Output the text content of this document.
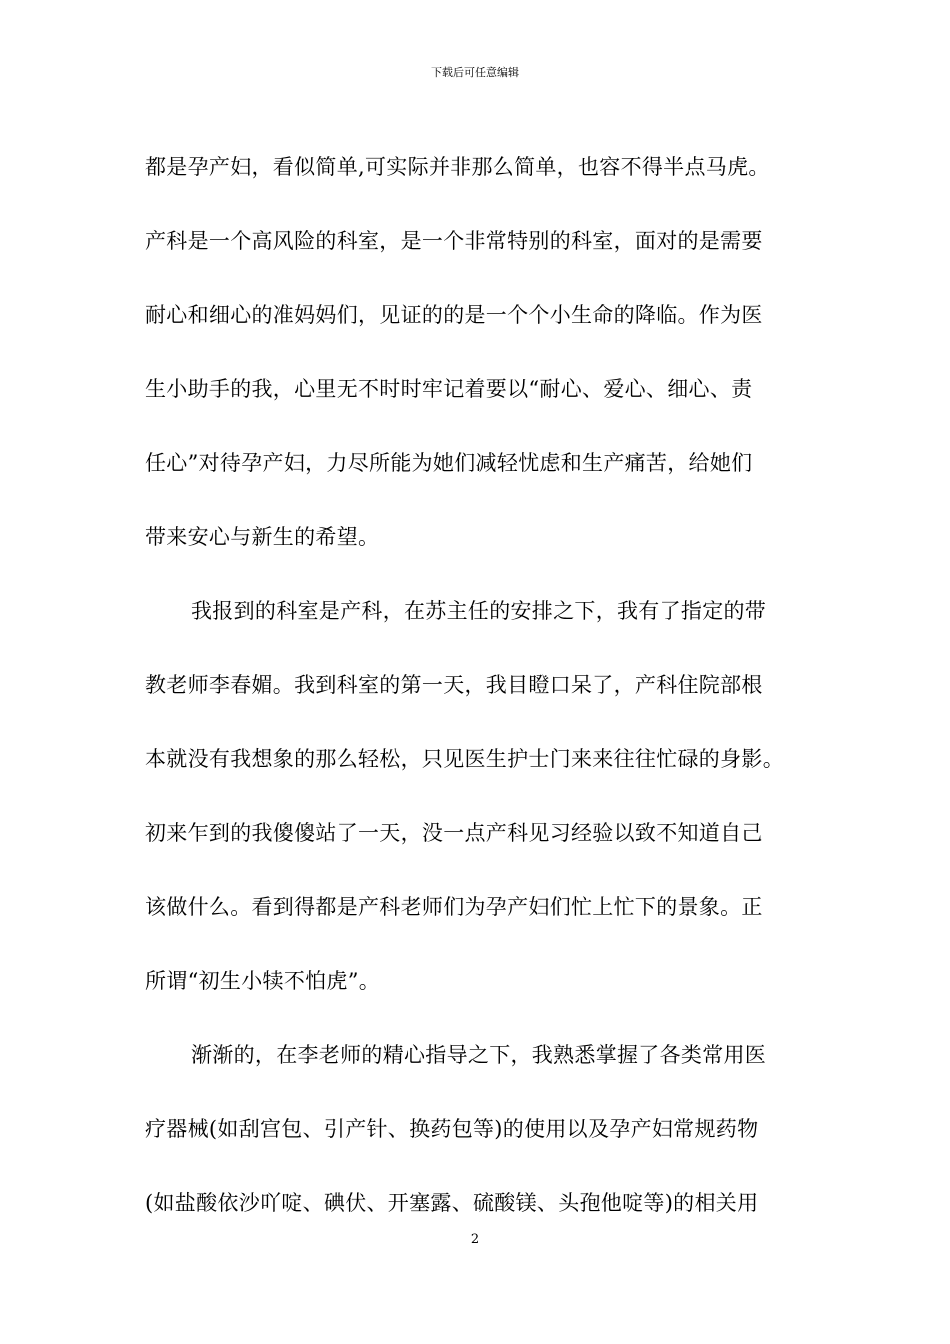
下载后可任意编辑
都是孕产妇，看似简单,可实际并非那么简单，也容不得半点马虎。
产科是一个高风险的科室，是一个非常特别的科室，面对的是需要
耐心和细心的准妈妈们，见证的的是一个个小生命的降临。作为医
生小助手的我，心里无不时时牢记着要以“耐心、爱心、细心、责
任心”对待孕产妇，力尽所能为她们减轻忧虑和生产痛苦，给她们
带来安心与新生的希望。
我报到的科室是产科，在苏主任的安排之下，我有了指定的带
教老师李春媚。我到科室的第一天，我目瞪口呆了，产科住院部根
本就没有我想象的那么轻松，只见医生护士门来来往往忙碌的身影。
初来乍到的我傻傻站了一天，没一点产科见习经验以致不知道自己
该做什么。看到得都是产科老师们为孕产妇们忙上忙下的景象。正
所谓“初生小犊不怕虎”。
渐渐的，在李老师的精心指导之下，我熟悉掌握了各类常用医
疗器械(如刮宫包、引产针、换药包等)的使用以及孕产妇常规药物
(如盐酸依沙吖啶、碘伏、开塞露、硫酸镁、头孢他啶等)的相关用
2
